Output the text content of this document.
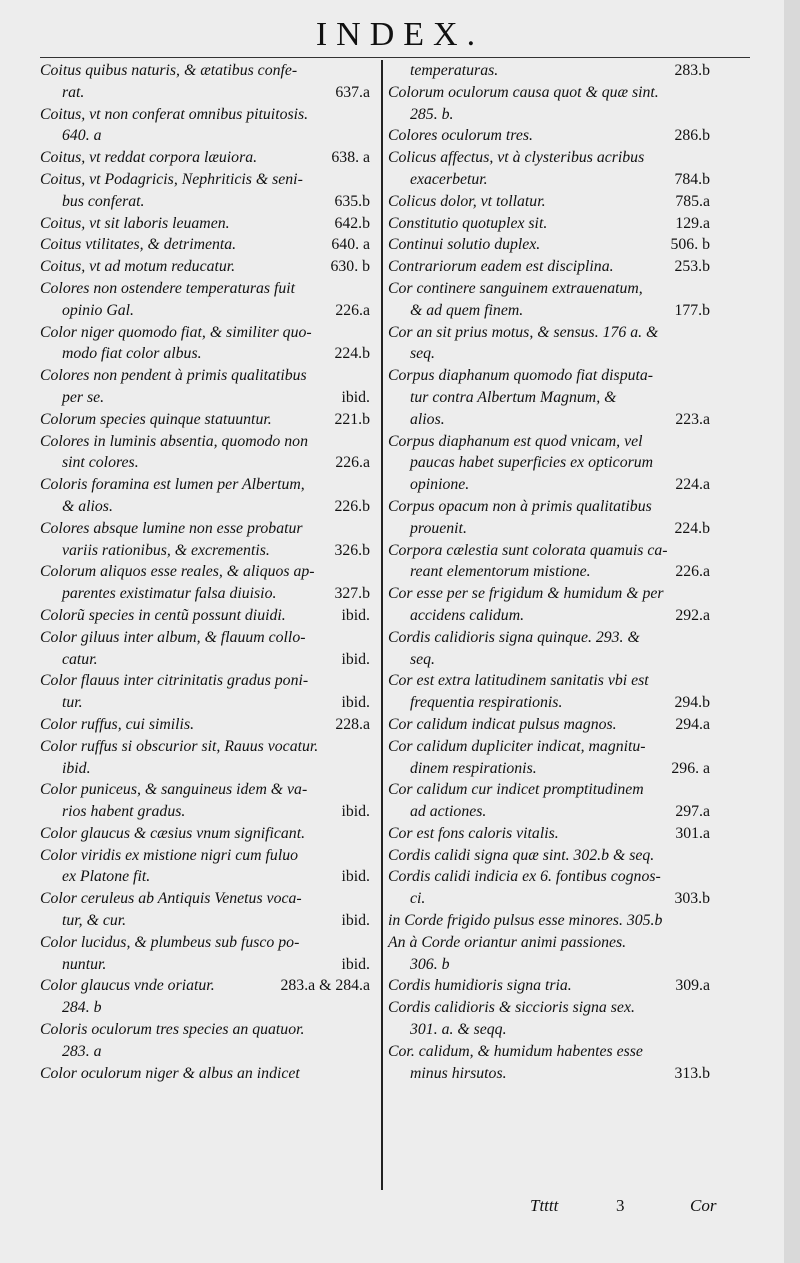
INDEX.
Coitus quibus naturis, & ætatibus confe-
rat.	637.a
Coitus, vt non conferat omnibus pituitosis.
640. a
Coitus, vt reddat corpora læuiora.	638. a
Coitus, vt Podagricis, Nephriticis & seni-
bus conferat.	635.b
Coitus, vt sit laboris leuamen.	642.b
Coitus vtilitates, & detrimenta.	640. a
Coitus, vt ad motum reducatur.	630. b
Colores non ostendere temperaturas fuit
opinio Gal.	226.a
Color niger quomodo fiat, & similiter quo-
modo fiat color albus.	224.b
Colores non pendent à primis qualitatibus
per se.	ibid.
Colorum species quinque statuuntur.	221.b
Colores in luminis absentia, quomodo non
sint colores.	226.a
Coloris foramina est lumen per Albertum,
& alios.	226.b
Colores absque lumine non esse probatur
variis rationibus, & excrementis.	326.b
Colorum aliquos esse reales, & aliquos ap-
parentes existimatur falsa diuisio.	327.b
Colorũ species in centũ possunt diuidi.	ibid.
Color giluus inter album, & flauum collo-
catur.	ibid.
Color flauus inter citrinitatis gradus poni-
tur.	ibid.
Color ruffus, cui similis.	228.a
Color ruffus si obscurior sit, Rauus vocatur.
ibid.
Color puniceus, & sanguineus idem & va-
rios habent gradus.	ibid.
Color glaucus & cæsius vnum significant.
Color viridis ex mistione nigri cum fuluo
ex Platone fit.	ibid.
Color ceruleus ab Antiquis Venetus voca-
tur, & cur.	ibid.
Color lucidus, & plumbeus sub fusco po-
nuntur.	ibid.
Color glaucus vnde oriatur.	283.a & 284.a
284. b
Coloris oculorum tres species an quatuor.
283. a
Color oculorum niger & albus an indicet
temperaturas.	283.b
Colorum oculorum causa quot & quæ sint.
285. b.
Colores oculorum tres.	286.b
Colicus affectus, vt à clysteribus acribus
exacerbetur.	784.b
Colicus dolor, vt tollatur.	785.a
Constitutio quotuplex sit.	129.a
Continui solutio duplex.	506. b
Contrariorum eadem est disciplina.	253.b
Cor continere sanguinem extrauenatum,
& ad quem finem.	177.b
Cor an sit prius motus, & sensus. 176 a. &
seq.
Corpus diaphanum quomodo fiat disputa-
tur contra Albertum Magnum, &
alios.	223.a
Corpus diaphanum est quod vnicam, vel
paucas habet superficies ex opticorum
opinione.	224.a
Corpus opacum non à primis qualitatibus
prouenit.	224.b
Corpora cælestia sunt colorata quamuis ca-
reant elementorum mistione.	226.a
Cor esse per se frigidum & humidum & per
accidens calidum.	292.a
Cordis calidioris signa quinque. 293. &
seq.
Cor est extra latitudinem sanitatis vbi est
frequentia respirationis.	294.b
Cor calidum indicat pulsus magnos.	294.a
Cor calidum dupliciter indicat, magnitu-
dinem respirationis.	296. a
Cor calidum cur indicet promptitudinem
ad actiones.	297.a
Cor est fons caloris vitalis.	301.a
Cordis calidi signa quæ sint. 302.b & seq.
Cordis calidi indicia ex 6. fontibus cognos-
ci.	303.b
in Corde frigido pulsus esse minores. 305.b
An à Corde oriantur animi passiones.
306. b
Cordis humidioris signa tria.	309.a
Cordis calidioris & siccioris signa sex.
301. a. & seqq.
Cor. calidum, & humidum habentes esse
minus hirsutos.	313.b
Ttttt	3	Cor
